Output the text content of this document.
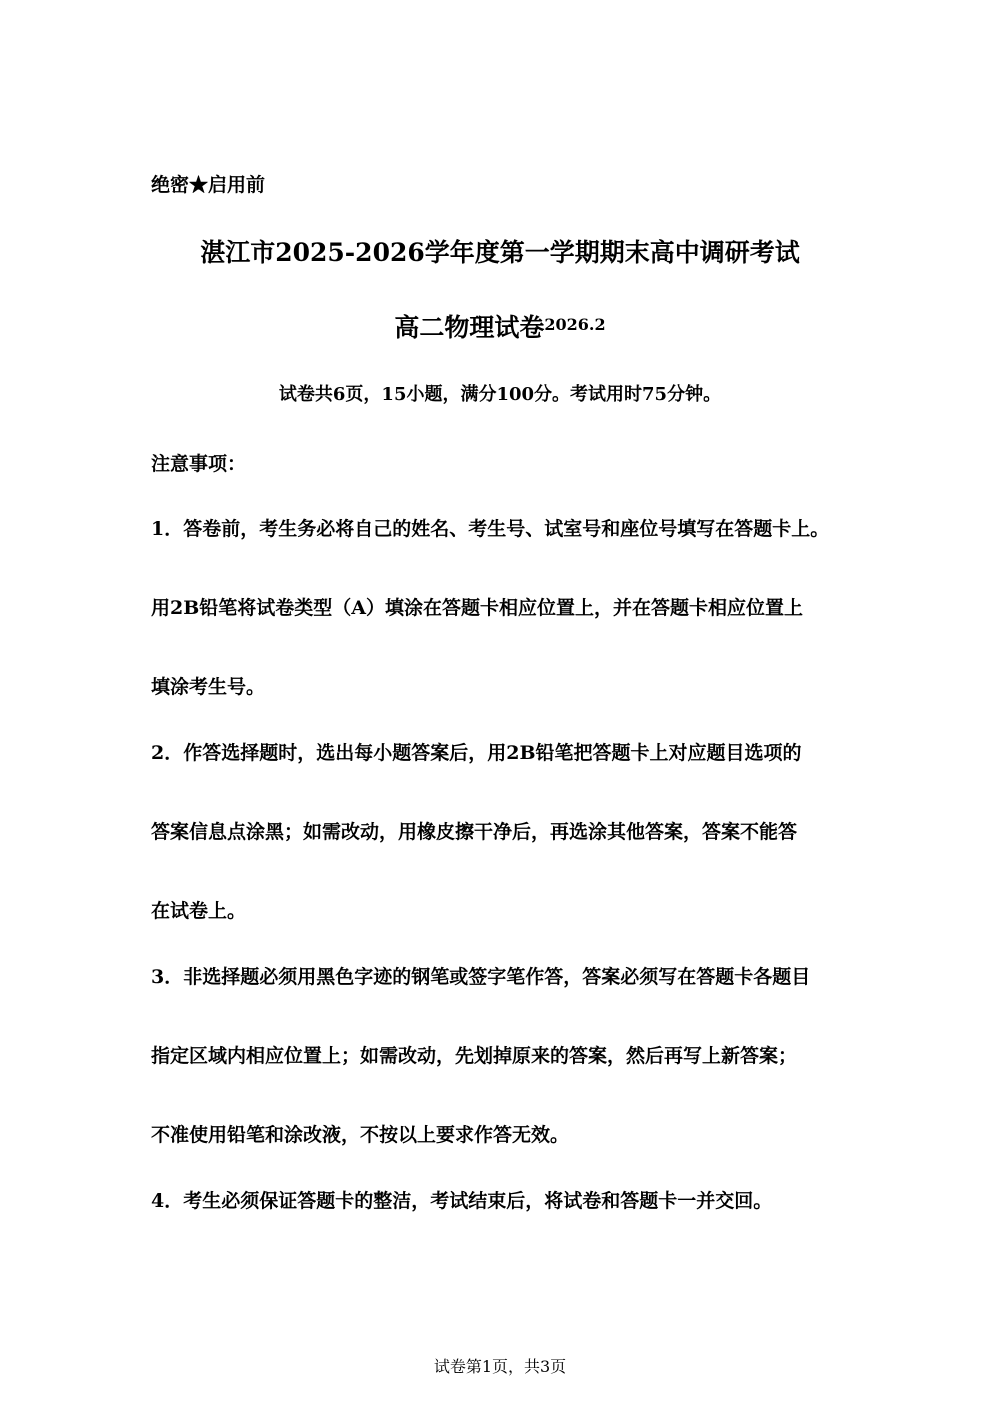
绝密★启用前
湛江市2025-2026学年度第一学期期末高中调研考试
高二物理试卷$^{2026.2}$
试卷共6页，15小题，满分100分。考试用时75分钟。
注意事项：
1．答卷前，考生务必将自己的姓名、考生号、试室号和座位号填写在答题卡上。
用2B铅笔将试卷类型（A）填涂在答题卡相应位置上，并在答题卡相应位置上
填涂考生号。
2．作答选择题时，选出每小题答案后，用2B铅笔把答题卡上对应题目选项的
答案信息点涂黑；如需改动，用橡皮擦干净后，再选涂其他答案，答案不能答
在试卷上。
3．非选择题必须用黑色字迹的钢笔或签字笔作答，答案必须写在答题卡各题目
指定区域内相应位置上；如需改动，先划掉原来的答案，然后再写上新答案；
不准使用铅笔和涂改液，不按以上要求作答无效。
4．考生必须保证答题卡的整洁，考试结束后，将试卷和答题卡一并交回。
试卷第1页，共3页
